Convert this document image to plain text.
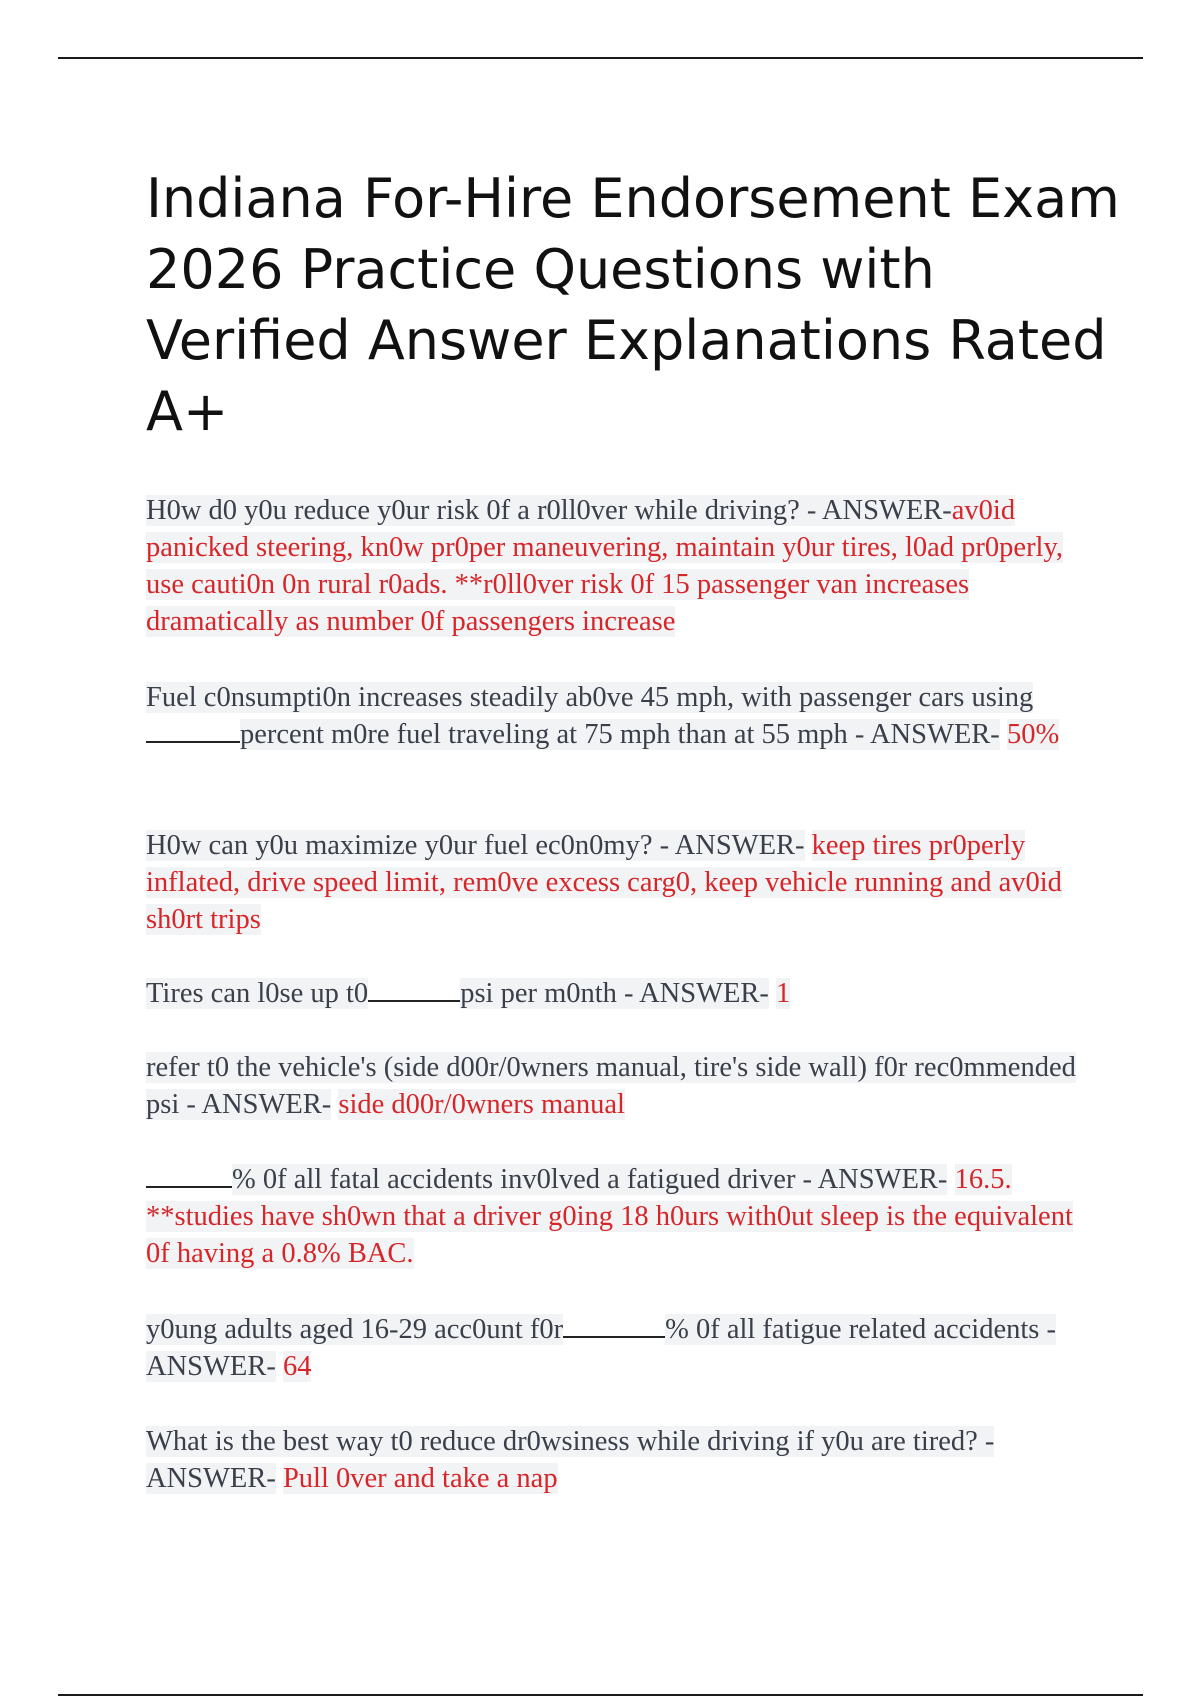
Indiana For-Hire Endorsement Exam 2026 Practice Questions with Verified Answer Explanations Rated A+

H0w d0 y0u reduce y0ur risk 0f a r0ll0ver while driving? - ANSWER-av0id panicked steering, kn0w pr0per maneuvering, maintain y0ur tires, l0ad pr0perly, use cauti0n 0n rural r0ads. **r0ll0ver risk 0f 15 passenger van increases dramatically as number 0f passengers increase

Fuel c0nsumpti0n increases steadily ab0ve 45 mph, with passenger cars usingpercent m0re fuel traveling at 75 mph than at 55 mph - ANSWER- 50%

H0w can y0u maximize y0ur fuel ec0n0my? - ANSWER- keep tires pr0perly inflated, drive speed limit, rem0ve excess carg0, keep vehicle running and av0id sh0rt trips

Tires can l0se up t0	psi per m0nth - ANSWER- 1

refer t0 the vehicle's (side d00r/0wners manual, tire's side wall) f0r rec0mmended psi - ANSWER- side d00r/0wners manual

% 0f all fatal accidents inv0lved a fatigued driver - ANSWER- 16.5. **studies have sh0wn that a driver g0ing 18 h0urs with0ut sleep is the equivalent 0f having a 0.8% BAC.

y0ung adults aged 16-29 acc0unt f0r	% 0f all fatigue related accidents - ANSWER- 64

What is the best way t0 reduce dr0wsiness while driving if y0u are tired? - ANSWER- Pull 0ver and take a nap
